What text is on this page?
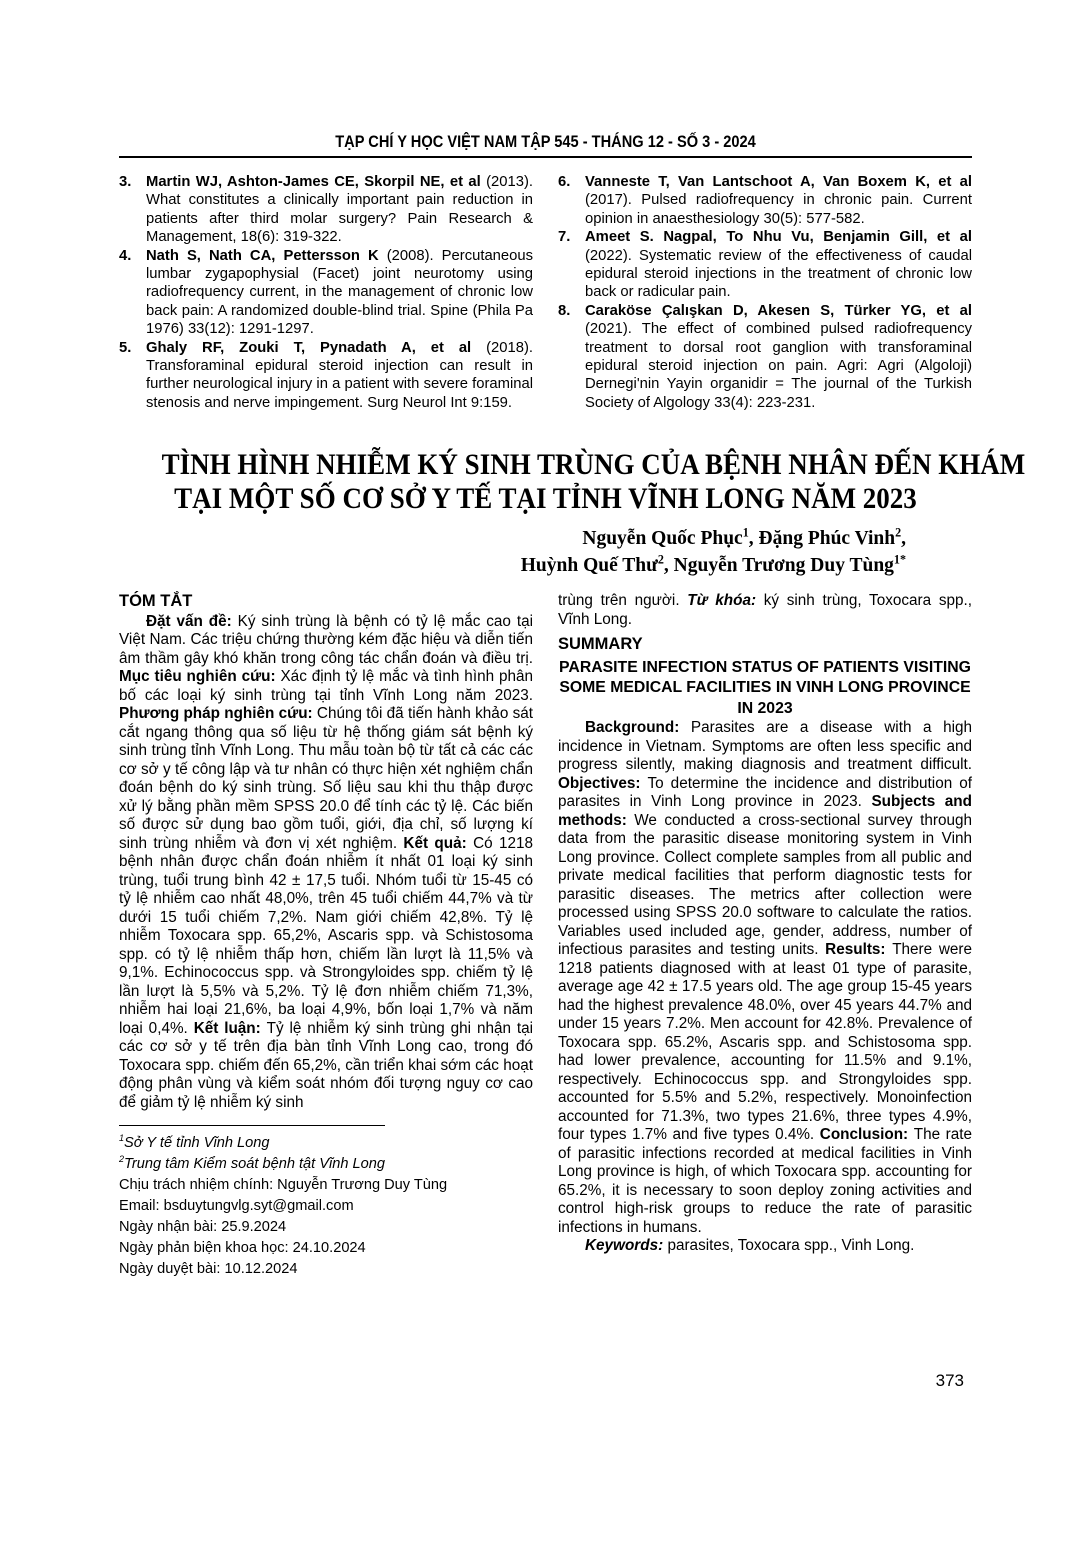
TẠP CHÍ Y HỌC VIỆT NAM TẬP 545 - THÁNG 12 - SỐ 3 - 2024
3. Martin WJ, Ashton-James CE, Skorpil NE, et al (2013). What constitutes a clinically important pain reduction in patients after third molar surgery? Pain Research & Management, 18(6): 319-322.
4. Nath S, Nath CA, Pettersson K (2008). Percutaneous lumbar zygapophysial (Facet) joint neurotomy using radiofrequency current, in the management of chronic low back pain: A randomized double-blind trial. Spine (Phila Pa 1976) 33(12): 1291-1297.
5. Ghaly RF, Zouki T, Pynadath A, et al (2018). Transforaminal epidural steroid injection can result in further neurological injury in a patient with severe foraminal stenosis and nerve impingement. Surg Neurol Int 9:159.
6. Vanneste T, Van Lantschoot A, Van Boxem K, et al (2017). Pulsed radiofrequency in chronic pain. Current opinion in anaesthesiology 30(5): 577-582.
7. Ameet S. Nagpal, To Nhu Vu, Benjamin Gill, et al (2022). Systematic review of the effectiveness of caudal epidural steroid injections in the treatment of chronic low back or radicular pain.
8. Caraköse Çalışkan D, Akesen S, Türker YG, et al (2021). The effect of combined pulsed radiofrequency treatment to dorsal root ganglion with transforaminal epidural steroid injection on pain. Agri: Agri (Algoloji) Dernegi'nin Yayin organidir = The journal of the Turkish Society of Algology 33(4): 223-231.
TÌNH HÌNH NHIỄM KÝ SINH TRÙNG CỦA BỆNH NHÂN ĐẾN KHÁM
TẠI MỘT SỐ CƠ SỞ Y TẾ TẠI TỈNH VĨNH LONG NĂM 2023
Nguyễn Quốc Phục$^1$, Đặng Phúc Vinh$^2$,
Huỳnh Quế Thư$^2$, Nguyễn Trương Duy Tùng$^{1*}$
TÓM TẮT

Đặt vấn đề: Ký sinh trùng là bệnh có tỷ lệ mắc cao tại Việt Nam. Các triệu chứng thường kém đặc hiệu và diễn tiến âm thầm gây khó khăn trong công tác chẩn đoán và điều trị. Mục tiêu nghiên cứu: Xác định tỷ lệ mắc và tình hình phân bố các loại ký sinh trùng tại tỉnh Vĩnh Long năm 2023. Phương pháp nghiên cứu: Chúng tôi đã tiến hành khảo sát cắt ngang thông qua số liệu từ hệ thống giám sát bệnh ký sinh trùng tỉnh Vĩnh Long. Thu mẫu toàn bộ từ tất cả các các cơ sở y tế công lập và tư nhân có thực hiện xét nghiệm chẩn đoán bệnh do ký sinh trùng. Số liệu sau khi thu thập được xử lý bằng phần mềm SPSS 20.0 để tính các tỷ lệ. Các biến số được sử dụng bao gồm tuổi, giới, địa chỉ, số lượng kí sinh trùng nhiễm và đơn vị xét nghiệm. Kết quả: Có 1218 bệnh nhân được chẩn đoán nhiễm ít nhất 01 loại ký sinh trùng, tuổi trung bình 42 ± 17,5 tuổi. Nhóm tuổi từ 15-45 có tỷ lệ nhiễm cao nhất 48,0%, trên 45 tuổi chiếm 44,7% và từ dưới 15 tuổi chiếm 7,2%. Nam giới chiếm 42,8%. Tỷ lệ nhiễm Toxocara spp. 65,2%, Ascaris spp. và Schistosoma spp. có tỷ lệ nhiễm thấp hơn, chiếm lần lượt là 11,5% và 9,1%. Echinococcus spp. và Strongyloides spp. chiếm tỷ lệ lần lượt là 5,5% và 5,2%. Tỷ lệ đơn nhiễm chiếm 71,3%, nhiễm hai loại 21,6%, ba loại 4,9%, bốn loại 1,7% và năm loại 0,4%. Kết luận: Tỷ lệ nhiễm ký sinh trùng ghi nhận tại các cơ sở y tế trên địa bàn tỉnh Vĩnh Long cao, trong đó Toxocara spp. chiếm đến 65,2%, cần triển khai sớm các hoạt động phân vùng và kiểm soát nhóm đối tượng nguy cơ cao để giảm tỷ lệ nhiễm ký sinh

$^1$Sở Y tế tỉnh Vĩnh Long
$^2$Trung tâm Kiểm soát bệnh tật Vĩnh Long
Chịu trách nhiệm chính: Nguyễn Trương Duy Tùng
Email: bsduytungvlg.syt@gmail.com
Ngày nhận bài: 25.9.2024
Ngày phản biện khoa học: 24.10.2024
Ngày duyệt bài: 10.12.2024

trùng trên người. Từ khóa: ký sinh trùng, Toxocara spp., Vĩnh Long.

SUMMARY

PARASITE INFECTION STATUS OF PATIENTS VISITING SOME MEDICAL FACILITIES IN VINH LONG PROVINCE IN 2023

Background: Parasites are a disease with a high incidence in Vietnam. Symptoms are often less specific and progress silently, making diagnosis and treatment difficult. Objectives: To determine the incidence and distribution of parasites in Vinh Long province in 2023. Subjects and methods: We conducted a cross-sectional survey through data from the parasitic disease monitoring system in Vinh Long province. Collect complete samples from all public and private medical facilities that perform diagnostic tests for parasitic diseases. The metrics after collection were processed using SPSS 20.0 software to calculate the ratios. Variables used included age, gender, address, number of infectious parasites and testing units. Results: There were 1218 patients diagnosed with at least 01 type of parasite, average age 42 ± 17.5 years old. The age group 15-45 years had the highest prevalence 48.0%, over 45 years 44.7% and under 15 years 7.2%. Men account for 42.8%. Prevalence of Toxocara spp. 65.2%, Ascaris spp. and Schistosoma spp. had lower prevalence, accounting for 11.5% and 9.1%, respectively. Echinococcus spp. and Strongyloides spp. accounted for 5.5% and 5.2%, respectively. Monoinfection accounted for 71.3%, two types 21.6%, three types 4.9%, four types 1.7% and five types 0.4%. Conclusion: The rate of parasitic infections recorded at medical facilities in Vinh Long province is high, of which Toxocara spp. accounting for 65.2%, it is necessary to soon deploy zoning activities and control high-risk groups to reduce the rate of parasitic infections in humans.

Keywords: parasites, Toxocara spp., Vinh Long.

373
